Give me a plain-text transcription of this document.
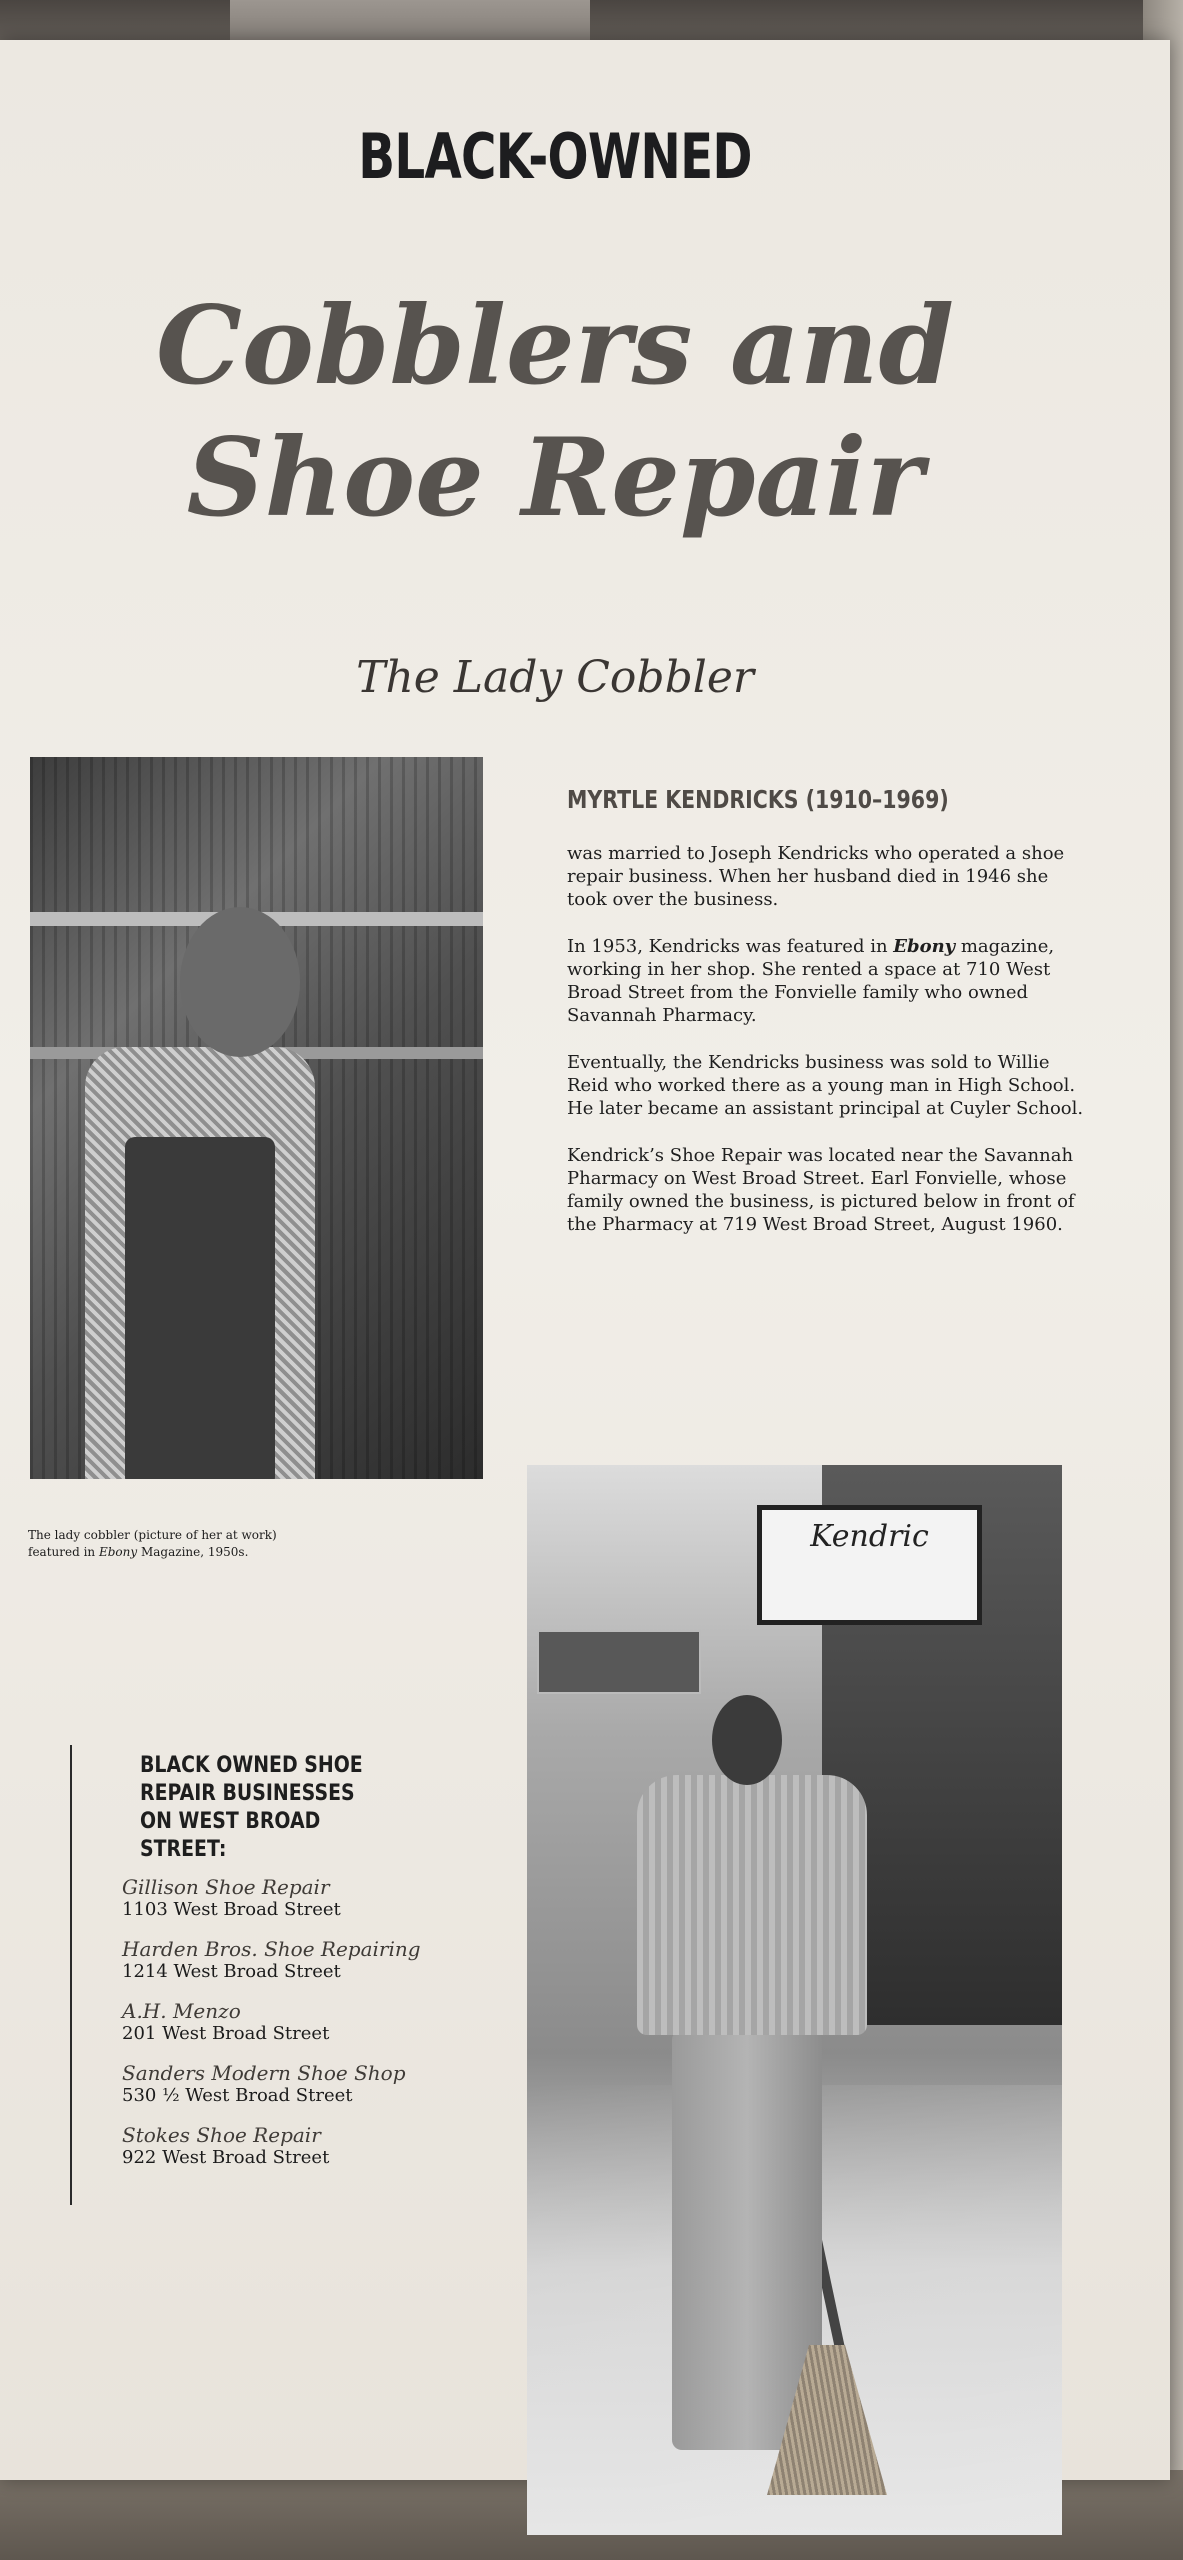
BLACK-OWNED
Cobblers and
Shoe Repair
The Lady Cobbler
The lady cobbler (picture of her at work) featured in Ebony Magazine, 1950s.
MYRTLE KENDRICKS (1910–1969)

was married to Joseph Kendricks who operated a shoe repair business. When her husband died in 1946 she took over the business.

In 1953, Kendricks was featured in Ebony magazine, working in her shop. She rented a space at 710 West Broad Street from the Fonvielle family who owned Savannah Pharmacy.

Eventually, the Kendricks business was sold to Willie Reid who worked there as a young man in High School. He later became an assistant principal at Cuyler School.

Kendrick’s Shoe Repair was located near the Savannah Pharmacy on West Broad Street. Earl Fonvielle, whose family owned the business, is pictured below in front of the Pharmacy at 719 West Broad Street, August 1960.

BLACK OWNED SHOE REPAIR BUSINESSES ON WEST BROAD STREET:
Gillison Shoe Repair
1103 West Broad Street
Harden Bros. Shoe Repairing
1214 West Broad Street
A.H. Menzo
201 West Broad Street
Sanders Modern Shoe Shop
530 ½ West Broad Street
Stokes Shoe Repair
922 West Broad Street
Kendric
